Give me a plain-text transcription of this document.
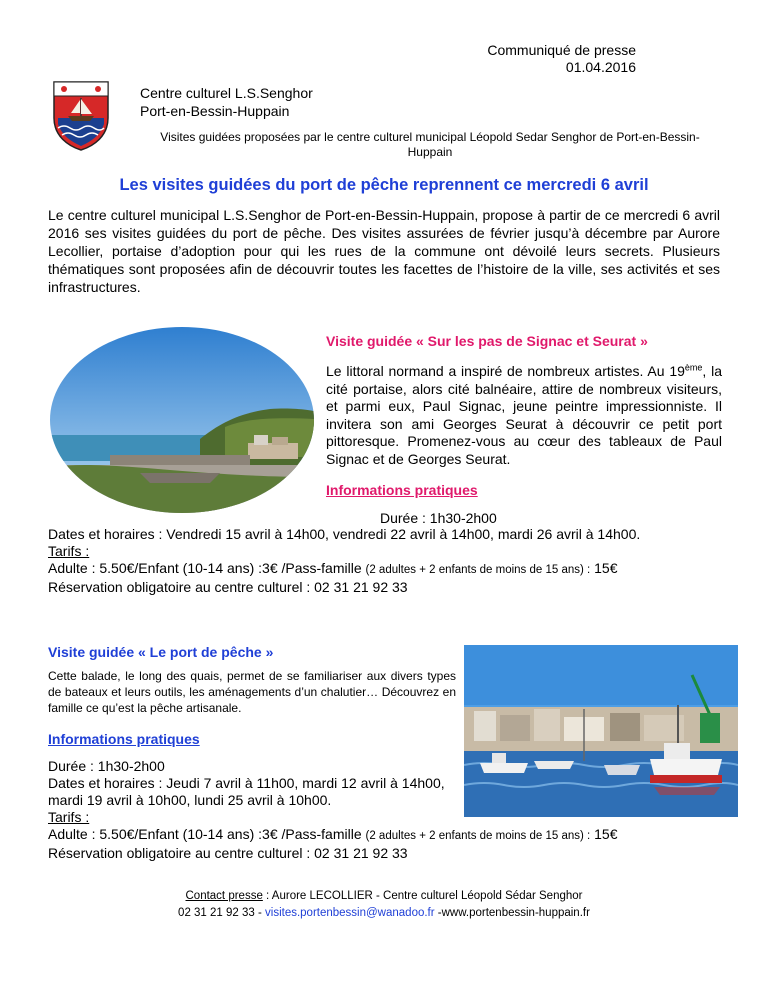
Communiqué de presse
01.04.2016
Centre culturel L.S.Senghor
Port-en-Bessin-Huppain
Visites guidées proposées par le centre culturel municipal Léopold Sedar Senghor de Port-en-Bessin-Huppain
Les visites guidées du port de pêche reprennent ce mercredi 6 avril
Le centre culturel municipal L.S.Senghor de Port-en-Bessin-Huppain, propose à partir de ce mercredi 6 avril 2016 ses visites guidées du port de pêche. Des visites assurées de février jusqu’à décembre par Aurore Lecollier, portaise d’adoption pour qui les rues de la commune ont dévoilé leurs secrets. Plusieurs thématiques sont proposées afin de découvrir toutes les facettes de l’histoire de la ville, ses activités et ses infrastructures.
Visite guidée « Sur les pas de Signac et Seurat »
Le littoral normand a inspiré de nombreux artistes. Au 19ème, la cité portaise, alors cité balnéaire, attire de nombreux visiteurs, et parmi eux, Paul Signac, jeune peintre impressionniste. Il invitera son ami Georges Seurat à découvrir ce petit port pittoresque. Promenez-vous au cœur des tableaux de Paul Signac et de Georges Seurat.
Informations pratiques
Durée : 1h30-2h00
Dates et horaires : Vendredi 15 avril à 14h00, vendredi 22 avril à 14h00, mardi 26 avril à 14h00.
Tarifs :
Adulte : 5.50€/Enfant (10-14 ans) :3€ /Pass-famille (2 adultes + 2 enfants de moins de 15 ans) : 15€
Réservation obligatoire au centre culturel : 02 31 21 92 33
Visite guidée « Le port de pêche »
Cette balade, le long des quais, permet de se familiariser aux divers types de bateaux et leurs outils, les aménagements d’un chalutier… Découvrez en famille ce qu’est la pêche artisanale.
Informations pratiques
Durée : 1h30-2h00
Dates et horaires : Jeudi 7 avril à 11h00, mardi 12 avril à 14h00, mardi 19 avril à 10h00, lundi 25 avril à 10h00.
Tarifs :
Adulte : 5.50€/Enfant (10-14 ans) :3€ /Pass-famille (2 adultes + 2 enfants de moins de 15 ans) : 15€
Réservation obligatoire au centre culturel : 02 31 21 92 33
Contact presse : Aurore LECOLLIER - Centre culturel Léopold Sédar Senghor
02 31 21 92 33 - visites.portenbessin@wanadoo.fr -www.portenbessin-huppain.fr
